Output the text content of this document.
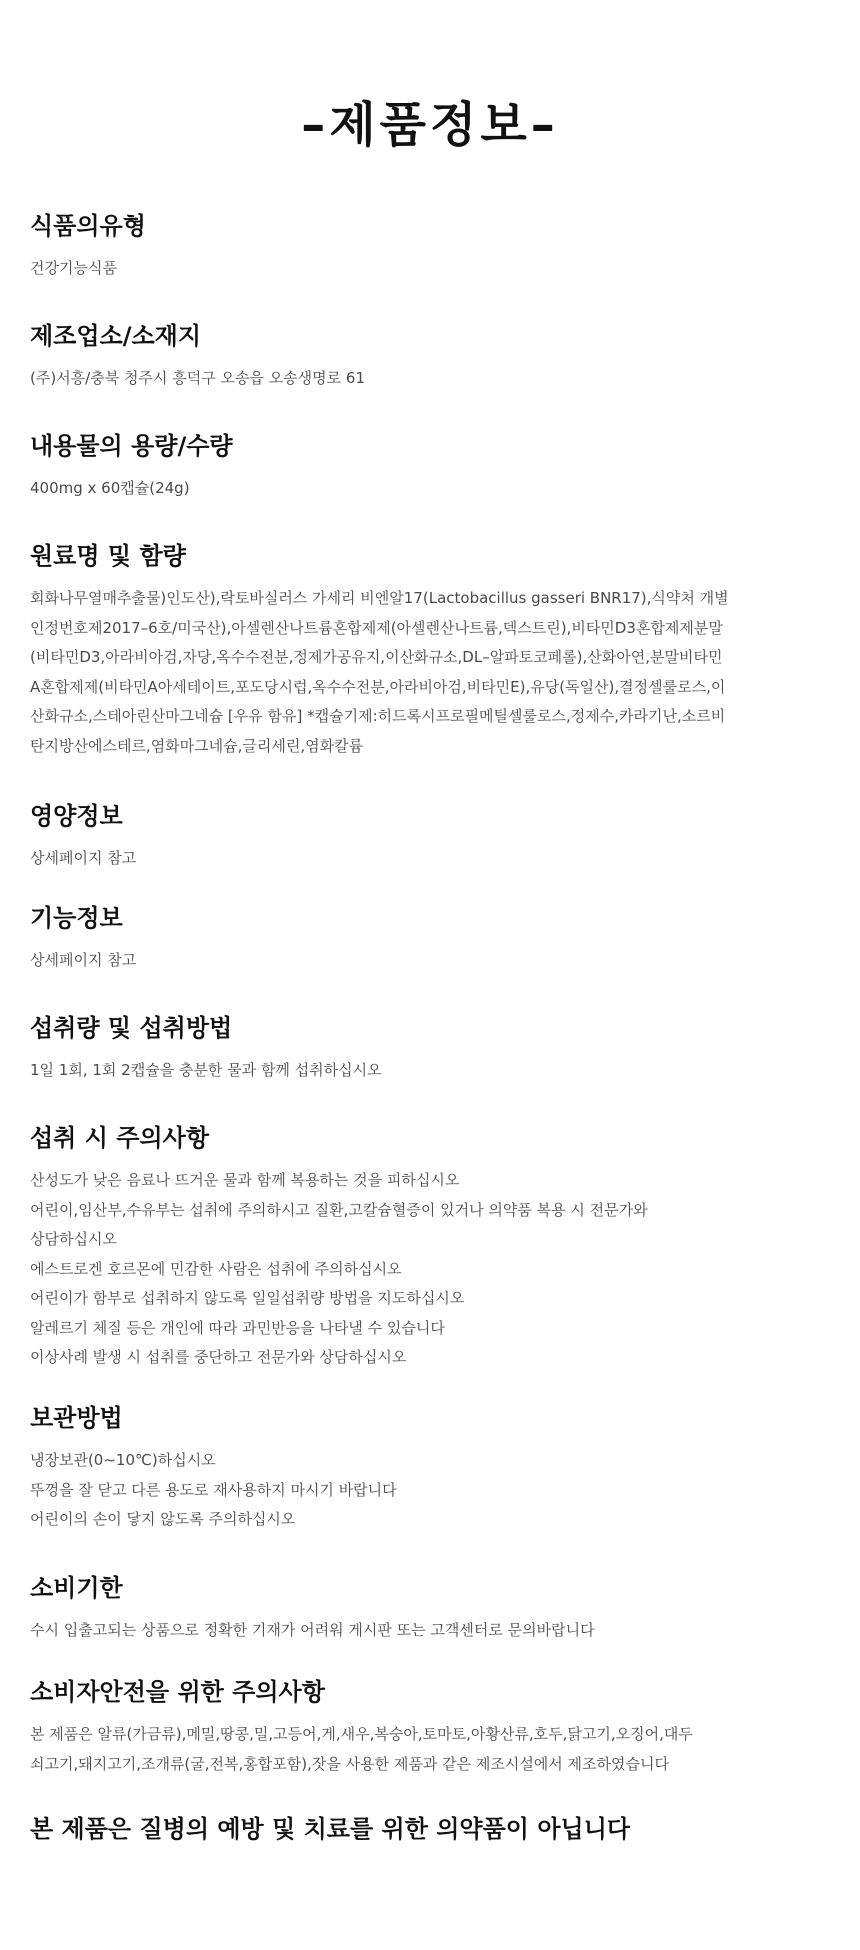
–제품정보–
식품의유형
건강기능식품
제조업소/소재지
(주)서흥/충북 청주시 흥덕구 오송읍 오송생명로 61
내용물의 용량/수량
400mg x 60캡슐(24g)
원료명 및 함량
회화나무열매추출물)인도산),락토바실러스 가세리 비엔알17(Lactobacillus gasseri BNR17),식약처 개별
인정번호제2017–6호/미국산),아셀렌산나트륨혼합제제(아셀렌산나트륨,덱스트린),비타민D3혼합제제분말
(비타민D3,아라비아검,자당,옥수수전분,정제가공유지,이산화규소,DL–알파토코페롤),산화아연,분말비타민
A혼합제제(비타민A아세테이트,포도당시럽,옥수수전분,아라비아검,비타민E),유당(독일산),결정셀룰로스,이
산화규소,스테아린산마그네슘 [우유 함유] *캡슐기제:히드록시프로필메틸셀룰로스,정제수,카라기난,소르비
탄지방산에스테르,염화마그네슘,글리세린,염화칼륨
영양정보
상세페이지 참고
기능정보
상세페이지 참고
섭취량 및 섭취방법
1일 1회, 1회 2캡슐을 충분한 물과 함께 섭취하십시오
섭취 시 주의사항
산성도가 낮은 음료나 뜨거운 물과 함께 복용하는 것을 피하십시오
어린이,임산부,수유부는 섭취에 주의하시고 질환,고칼슘혈증이 있거나 의약품 복용 시 전문가와
상담하십시오
에스트로겐 호르몬에 민감한 사람은 섭취에 주의하십시오
어린이가 함부로 섭취하지 않도록 일일섭취량 방법을 지도하십시오
알레르기 체질 등은 개인에 따라 과민반응을 나타낼 수 있습니다
이상사례 발생 시 섭취를 중단하고 전문가와 상담하십시오
보관방법
냉장보관(0~10℃)하십시오
뚜껑을 잘 닫고 다른 용도로 재사용하지 마시기 바랍니다
어린이의 손이 닿지 않도록 주의하십시오
소비기한
수시 입출고되는 상품으로 정확한 기재가 어려워 게시판 또는 고객센터로 문의바랍니다
소비자안전을 위한 주의사항
본 제품은 알류(가금류),메밀,땅콩,밀,고등어,게,새우,복숭아,토마토,아황산류,호두,닭고기,오징어,대두
쇠고기,돼지고기,조개류(굴,전복,홍합포함),잣을 사용한 제품과 같은 제조시설에서 제조하였습니다

본 제품은 질병의 예방 및 치료를 위한 의약품이 아닙니다
